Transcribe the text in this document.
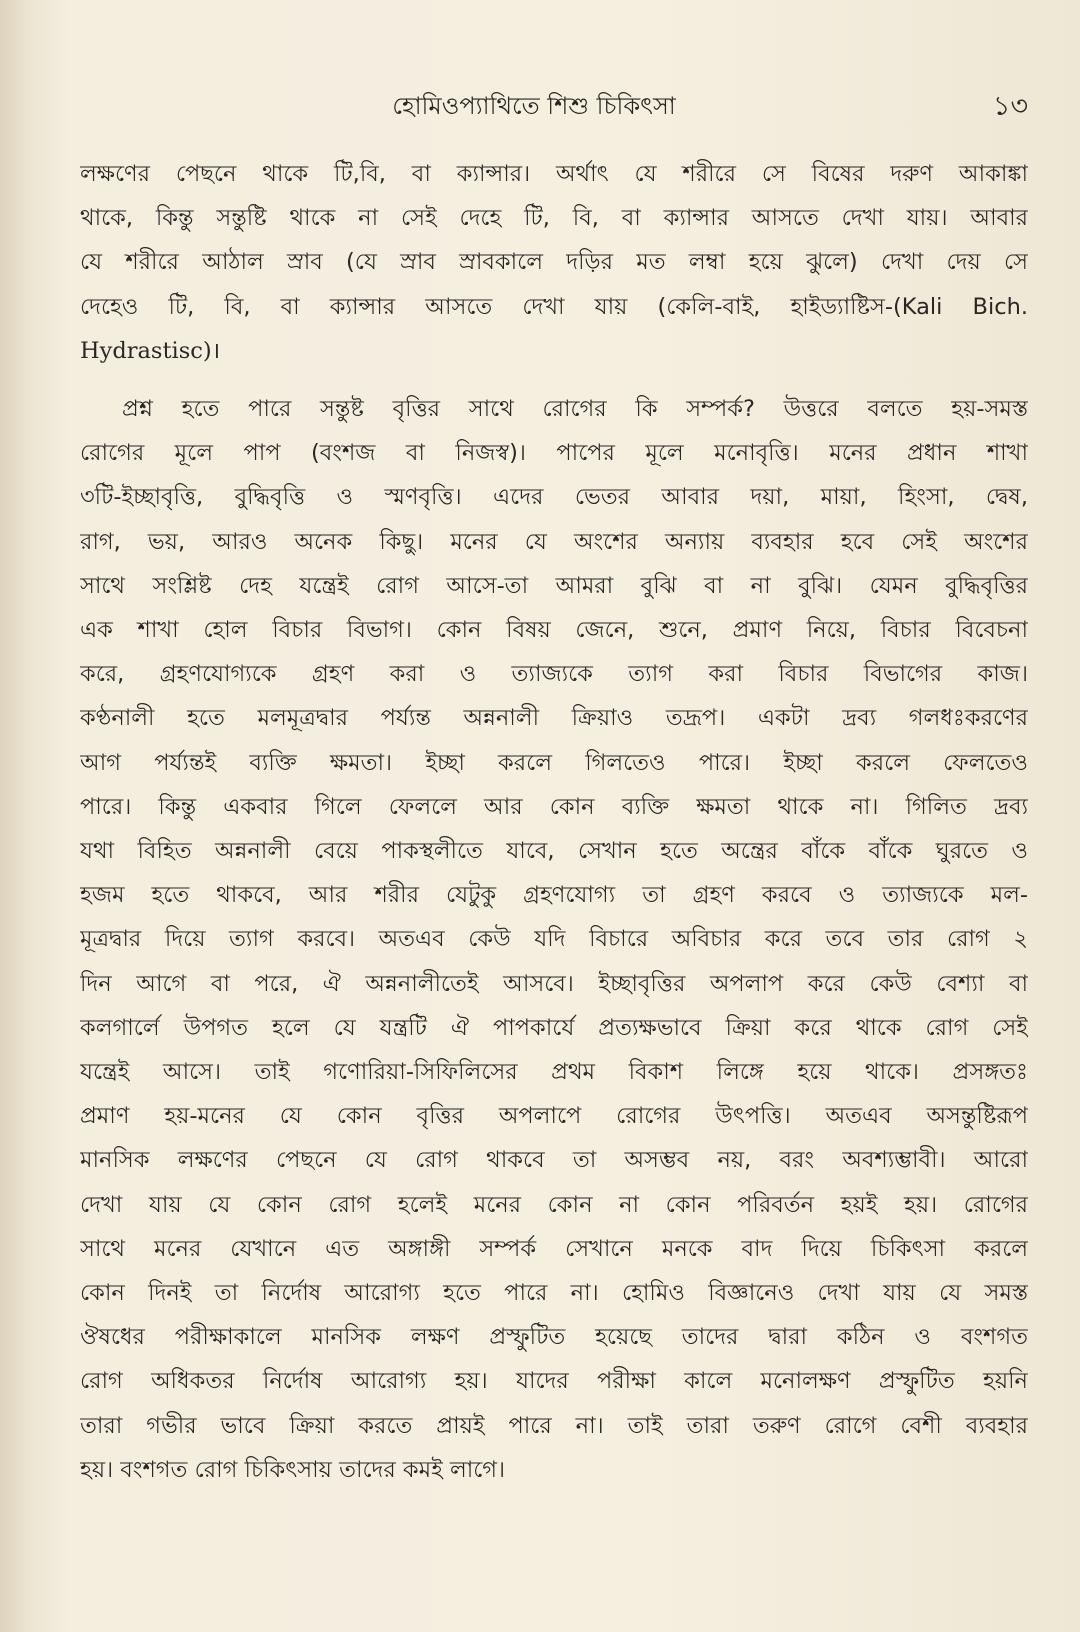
হোমিওপ্যাথিতে শিশু চিকিৎসা	১৩
লক্ষণের পেছনে থাকে টি,বি, বা ক্যান্সার। অর্থাৎ যে শরীরে সে বিষের দরুণ আকাঙ্কা
থাকে, কিন্তু সন্তুষ্টি থাকে না সেই দেহে টি, বি, বা ক্যান্সার আসতে দেখা যায়। আবার
যে শরীরে আঠাল স্রাব (যে স্রাব স্রাবকালে দড়ির মত লম্বা হয়ে ঝুলে) দেখা দেয় সে
দেহেও টি, বি, বা ক্যান্সার আসতে দেখা যায় (কেলি-বাই, হাইড্যাষ্টিস-(Kali Bich.
Hydrastisc)।
প্রশ্ন হতে পারে সন্তুষ্ট বৃত্তির সাথে রোগের কি সম্পর্ক? উত্তরে বলতে হয়-সমস্ত
রোগের মূলে পাপ (বংশজ বা নিজস্ব)। পাপের মূলে মনোবৃত্তি। মনের প্রধান শাখা
৩টি-ইচ্ছাবৃত্তি, বুদ্ধিবৃত্তি ও স্মণবৃত্তি। এদের ভেতর আবার দয়া, মায়া, হিংসা, দ্বেষ,
রাগ, ভয়, আরও অনেক কিছু। মনের যে অংশের অন্যায় ব্যবহার হবে সেই অংশের
সাথে সংশ্লিষ্ট দেহ যন্ত্রেই রোগ আসে-তা আমরা বুঝি বা না বুঝি। যেমন বুদ্ধিবৃত্তির
এক শাখা হোল বিচার বিভাগ। কোন বিষয় জেনে, শুনে, প্রমাণ নিয়ে, বিচার বিবেচনা
করে, গ্রহণযোগ্যকে গ্রহণ করা ও ত্যাজ্যকে ত্যাগ করা বিচার বিভাগের কাজ।
কণ্ঠনালী হতে মলমূত্রদ্বার পর্য্যন্ত অন্ননালী ক্রিয়াও তদ্রূপ। একটা দ্রব্য গলধঃকরণের
আগ পর্য্যন্তই ব্যক্তি ক্ষমতা। ইচ্ছা করলে গিলতেও পারে। ইচ্ছা করলে ফেলতেও
পারে। কিন্তু একবার গিলে ফেললে আর কোন ব্যক্তি ক্ষমতা থাকে না। গিলিত দ্রব্য
যথা বিহিত অন্ননালী বেয়ে পাকস্থলীতে যাবে, সেখান হতে অন্ত্রের বাঁকে বাঁকে ঘুরতে ও
হজম হতে থাকবে, আর শরীর যেটুকু গ্রহণযোগ্য তা গ্রহণ করবে ও ত্যাজ্যকে মল-
মূত্রদ্বার দিয়ে ত্যাগ করবে। অতএব কেউ যদি বিচারে অবিচার করে তবে তার রোগ ২
দিন আগে বা পরে, ঐ অন্ননালীতেই আসবে। ইচ্ছাবৃত্তির অপলাপ করে কেউ বেশ্যা বা
কলগার্লে উপগত হলে যে যন্ত্রটি ঐ পাপকার্যে প্রত্যক্ষভাবে ক্রিয়া করে থাকে রোগ সেই
যন্ত্রেই আসে। তাই গণোরিয়া-সিফিলিসের প্রথম বিকাশ লিঙ্গে হয়ে থাকে। প্রসঙ্গতঃ
প্রমাণ হয়-মনের যে কোন বৃত্তির অপলাপে রোগের উৎপত্তি। অতএব অসন্তুষ্টিরূপ
মানসিক লক্ষণের পেছনে যে রোগ থাকবে তা অসম্ভব নয়, বরং অবশ্যম্ভাবী। আরো
দেখা যায় যে কোন রোগ হলেই মনের কোন না কোন পরিবর্তন হয়ই হয়। রোগের
সাথে মনের যেখানে এত অঙ্গাঙ্গী সম্পর্ক সেখানে মনকে বাদ দিয়ে চিকিৎসা করলে
কোন দিনই তা নির্দোষ আরোগ্য হতে পারে না। হোমিও বিজ্ঞানেও দেখা যায় যে সমস্ত
ঔষধের পরীক্ষাকালে মানসিক লক্ষণ প্রস্ফুটিত হয়েছে তাদের দ্বারা কঠিন ও বংশগত
রোগ অধিকতর নির্দোষ আরোগ্য হয়। যাদের পরীক্ষা কালে মনোলক্ষণ প্রস্ফুটিত হয়নি
তারা গভীর ভাবে ক্রিয়া করতে প্রায়ই পারে না। তাই তারা তরুণ রোগে বেশী ব্যবহার
হয়। বংশগত রোগ চিকিৎসায় তাদের কমই লাগে।
